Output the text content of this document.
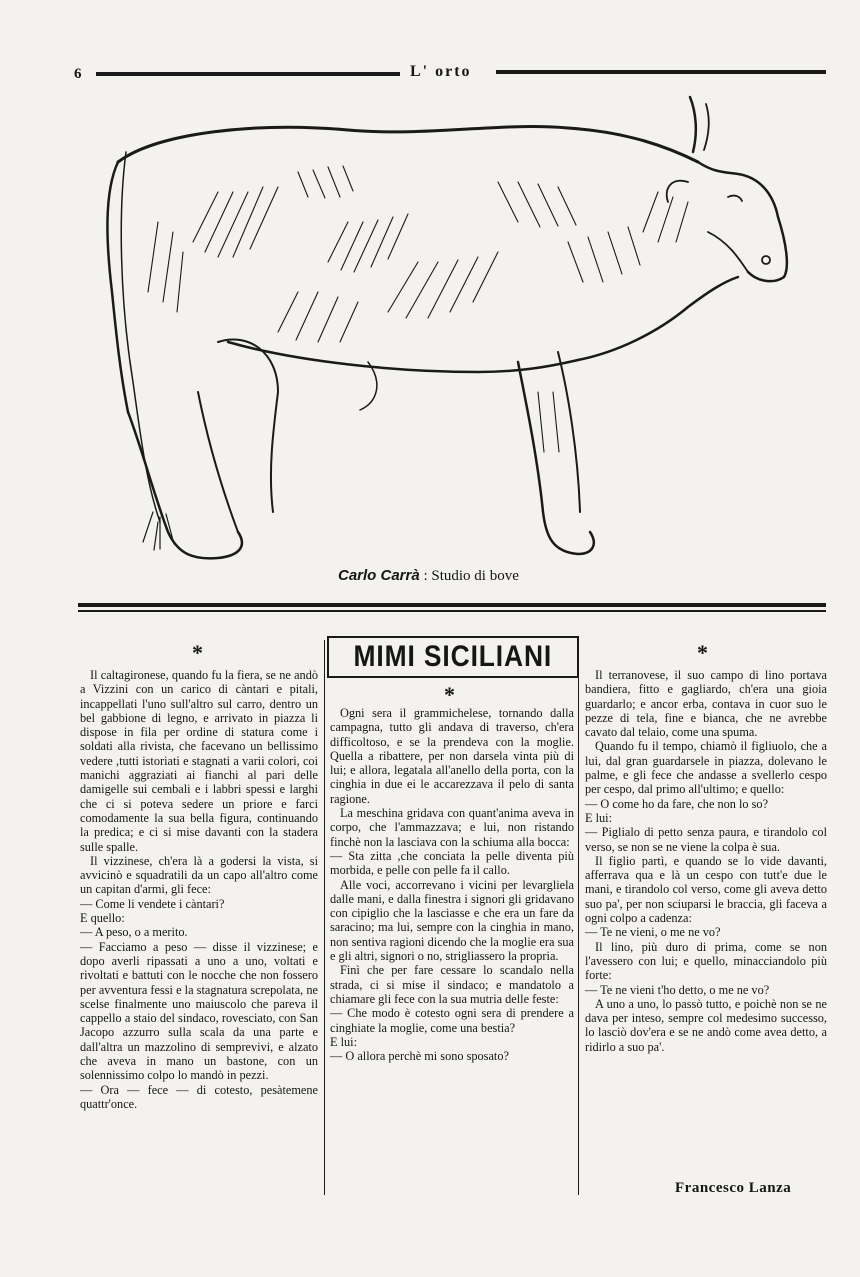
6	L' orto
Carlo Carrà : Studio di bove
*
*
*
MIMI SICILIANI

Il caltagironese, quando fu la fiera, se ne andò a Vizzini con un carico di càntari e pitali, incappellati l'uno sull'altro sul carro, dentro un bel gabbione di legno, e arrivato in piazza li dispose in fila per ordine di statura come i soldati alla rivista, che facevano un bellissimo vedere ,tutti istoriati e stagnati a varii colori, coi manichi aggraziati ai fianchi al pari delle damigelle sui cembali e i labbri spessi e larghi che ci si poteva sedere un priore e farci comodamente la sua bella figura, continuando la predica; e ci si mise davanti con la stadera sulle spalle.

Il vizzinese, ch'era là a godersi la vista, si avvicinò e squadratili da un capo all'altro come un capitan d'armi, gli fece:

— Come li vendete i càntari?

E quello:

— A peso, o a merito.

— Facciamo a peso — disse il vizzinese; e dopo averli ripassati a uno a uno, voltati e rivoltati e battuti con le nocche che non fossero per avventura fessi e la stagnatura screpolata, ne scelse finalmente uno maiuscolo che pareva il cappello a staio del sindaco, rovesciato, con San Jacopo azzurro sulla scala da una parte e dall'altra un mazzolino di semprevivi, e alzato che aveva in mano un bastone, con un solennissimo colpo lo mandò in pezzi.

— Ora — fece — di cotesto, pesàtemene quattr'once.

Ogni sera il grammichelese, tornando dalla campagna, tutto gli andava di traverso, ch'era difficoltoso, e se la prendeva con la moglie. Quella a ribattere, per non darsela vinta più di lui; e allora, legatala all'anello della porta, con la cinghia in due ei le accarezzava il pelo di santa ragione.

La meschina gridava con quant'anima aveva in corpo, che l'ammazzava; e lui, non ristando finchè non la lasciava con la schiuma alla bocca:

— Sta zitta ,che conciata la pelle diventa più morbida, e pelle con pelle fa il callo.

Alle voci, accorrevano i vicini per levargliela dalle mani, e dalla finestra i signori gli gridavano con cipiglio che la lasciasse e che era un fare da saracino; ma lui, sempre con la cinghia in mano, non sentiva ragioni dicendo che la moglie era sua e gli altri, signori o no, strigliassero la propria.

Finì che per fare cessare lo scandalo nella strada, ci si mise il sindaco; e mandatolo a chiamare gli fece con la sua mutria delle feste:

— Che modo è cotesto ogni sera di prendere a cinghiate la moglie, come una bestia?

E lui:

— O allora perchè mi sono sposato?

Il terranovese, il suo campo di lino portava bandiera, fitto e gagliardo, ch'era una gioia guardarlo; e ancor erba, contava in cuor suo le pezze di tela, fine e bianca, che ne avrebbe cavato dal telaio, come una spuma.

Quando fu il tempo, chiamò il figliuolo, che a lui, dal gran guardarsele in piazza, dolevano le palme, e gli fece che andasse a svellerlo cespo per cespo, dal primo all'ultimo; e quello:

— O come ho da fare, che non lo so?

E lui:

— Piglialo di petto senza paura, e tirandolo col verso, se non se ne viene la colpa è sua.

Il figlio partì, e quando se lo vide davanti, afferrava qua e là un cespo con tutt'e due le mani, e tirandolo col verso, come gli aveva detto suo pa', per non sciuparsi le braccia, gli faceva a ogni colpo a cadenza:

— Te ne vieni, o me ne vo?

Il lino, più duro di prima, come se non l'avessero con lui; e quello, minacciandolo più forte:

— Te ne vieni t'ho detto, o me ne vo?

A uno a uno, lo passò tutto, e poichè non se ne dava per inteso, sempre col medesimo successo, lo lasciò dov'era e se ne andò come avea detto, a ridirlo a suo pa'.

Francesco Lanza
